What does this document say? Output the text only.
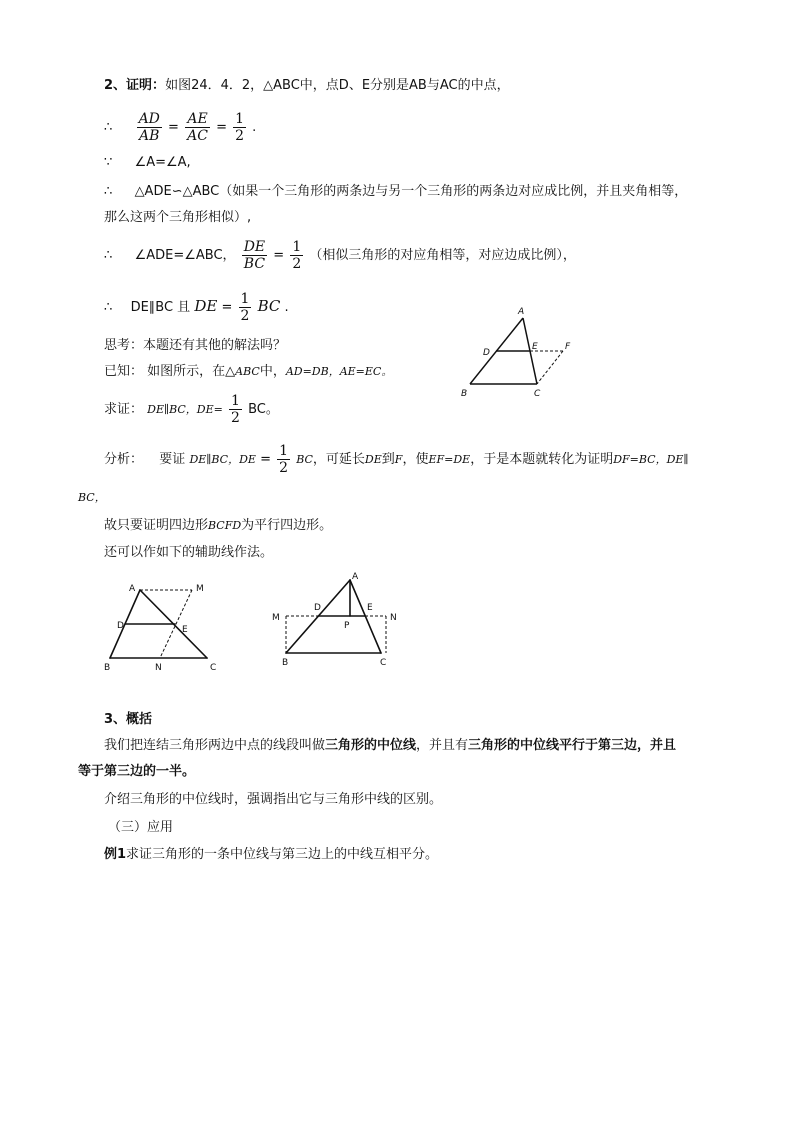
2、证明：如图24．4．2，△ABC中，点D、E分别是AB与AC的中点，
∴ $\frac{AD}{AB} = \frac{AE}{AC} = \frac{1}{2}$ .
∵ ∠A=∠A,
∴ △ADE∽△ABC（如果一个三角形的两条边与另一个三角形的两条边对应成比例，并且夹角相等，
那么这两个三角形相似）,
∴ ∠ADE=∠ABC， $\frac{DE}{BC} = \frac{1}{2}$ （相似三角形的对应角相等，对应边成比例），
∴ DE∥BC 且 DE = $\frac{1}{2}$ BC .
思考：本题还有其他的解法吗？
已知： 如图所示，在△ABC中，AD=DB，AE=EC。
求证： DE∥BC，$DE= \frac{1}{2}$ BC。
分析： 要证 DE∥BC，DE = $\frac{1}{2}$ BC，可延长DE到F，使EF=DE，于是本题就转化为证明DF=BC，DE∥
BC，
故只要证明四边形BCFD为平行四边形。
还可以作如下的辅助线作法。
A
D
E	F
B	C
A	M
D	E
B	N	C
A
M
D	E
N
P
B	C
3、概括
我们把连结三角形两边中点的线段叫做三角形的中位线，并且有三角形的中位线平行于第三边，并且
等于第三边的一半。
介绍三角形的中位线时，强调指出它与三角形中线的区别。
（三）应用
例1求证三角形的一条中位线与第三边上的中线互相平分。
